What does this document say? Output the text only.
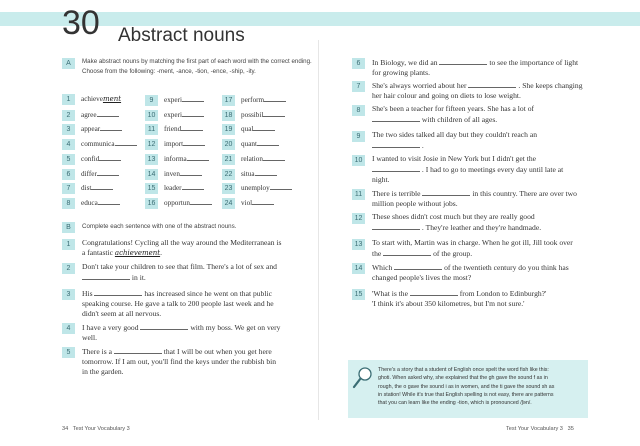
30 Abstract nouns
A	Make abstract nouns by matching the first part of each word with the correct ending. Choose from the following: -ment, -ance, -tion, -ence, -ship, -ity.
1 achievement
2 agree
3 appear
4 communica
5 confid
6 differ
7 dist
8 educa
9 experi
10 experi
11 friend
12 import
13 informa
14 inven
15 leader
16 opportun
17 perform
18 possibil
19 qual
20 quant
21 relation
22 situa
23 unemploy
24 viol
B	Complete each sentence with one of the abstract nouns.
1	Congratulations! Cycling all the way around the Mediterranean is
a fantastic achievement.
2	Don't take your children to see that film. There's a lot of sex and
in it.
3	His	has increased since he went on that public
speaking course. He gave a talk to 200 people last week and he
didn't seem at all nervous.
4	I have a very good	with my boss. We get on very
well.
5	There is a	that I will be out when you get here
tomorrow. If I am out, you'll find the keys under the rubbish bin
in the garden.
6	In Biology, we did an	to see the importance of light
for growing plants.
7	She's always worried about her	. She keeps changing
her hair colour and going on diets to lose weight.
8	She's been a teacher for fifteen years. She has a lot of
with children of all ages.
9	The two sides talked all day but they couldn't reach an
.
10	I wanted to visit Josie in New York but I didn't get the
. I had to go to meetings every day until late at
night.
11	There is terrible	in this country. There are over two
million people without jobs.
12	These shoes didn't cost much but they are really good
. They're leather and they're handmade.
13	To start with, Martin was in charge. When he got ill, Jill took over
the	of the group.
14	Which	of the twentieth century do you think has
changed people's lives the most?
15	'What is the	from London to Edinburgh?'
'I think it's about 350 kilometres, but I'm not sure.'
There's a story that a student of English once spelt the word fish like this:
ghoti. When asked why, she explained that the gh gave the sound f as in
rough, the o gave the sound i as in women, and the ti gave the sound sh as
in station! While it's true that English spelling is not easy, there are patterns
that you can learn like the ending -tion, which is pronounced /ʃən/.
34 Test Your Vocabulary 3	Test Your Vocabulary 3 35
